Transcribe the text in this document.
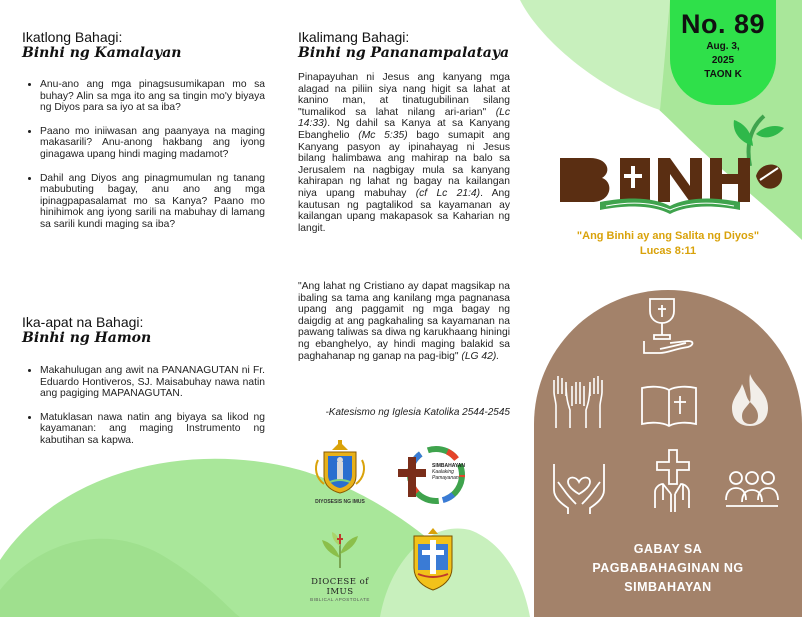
Ikatlong Bahagi:
Binhi ng Kamalayan
• Anu-ano ang mga pinagsusumikapan mo sa buhay? Alin sa mga ito ang sa tingin mo'y biyaya ng Diyos para sa iyo at sa iba?
• Paano mo iniiwasan ang paanyaya na maging makasarili? Anu-anong hakbang ang iyong ginagawa upang hindi maging madamot?
• Dahil ang Diyos ang pinagmumulan ng tanang mabubuting bagay, anu ano ang mga ipinagpapasalamat mo sa Kanya? Paano mo hinihimok ang iyong sarili na mabuhay di lamang sa sarili kundi maging sa iba?
Ika-apat na Bahagi:
Binhi ng Hamon
• Makahulugan ang awit na PANANAGUTAN ni Fr. Eduardo Hontiveros, SJ. Maisabuhay nawa natin ang pagiging MAPANAGUTAN.
• Matuklasan nawa natin ang biyaya sa likod ng kayamanan: ang maging Instrumento ng kabutihan sa kapwa.
Ikalimang Bahagi:
Binhi ng Pananampalataya

Pinapayuhan ni Jesus ang kanyang mga alagad na piliin siya nang higit sa lahat at kanino man, at tinatugubilinan silang "tumalikod sa lahat nilang ari-arian" (Lc 14:33). Ng dahil sa Kanya at sa Kanyang Ebanghelio (Mc 5:35) bago sumapit ang Kanyang pasyon ay ipinahayag ni Jesus bilang halimbawa ang mahirap na balo sa Jerusalem na nagbigay mula sa kanyang kahirapan ng lahat ng bagay na kailangan niya upang mabuhay (cf Lc 21:4). Ang kautusan ng pagtalikod sa kayamanan ay kailangan upang makapasok sa Kaharian ng langit.

"Ang lahat ng Cristiano ay dapat magsikap na ibaling sa tama ang kanilang mga pagnanasa upang ang paggamit ng mga bagay ng daigdig at ang pagkahaling sa kayamanan na pawang taliwas sa diwa ng karukhaang hiningi ng ebanghelyo, ay hindi maging balakid sa paghahanap ng ganap na pag-ibig" (LG 42).

-Katesismo ng Iglesia Katolika 2544-2545
DIYOSESIS NG IMUS
SIMBAHAYAN
Kaalaking
Pamayanan
DIOCESE of IMUS
BIBLICAL APOSTOLATE
No. 89
Aug. 3,
2025
TAON K
"Ang Binhi ay ang Salita ng Diyos"
Lucas 8:11
GABAY SA
PAGBABAHAGINAN NG
SIMBAHAYAN
